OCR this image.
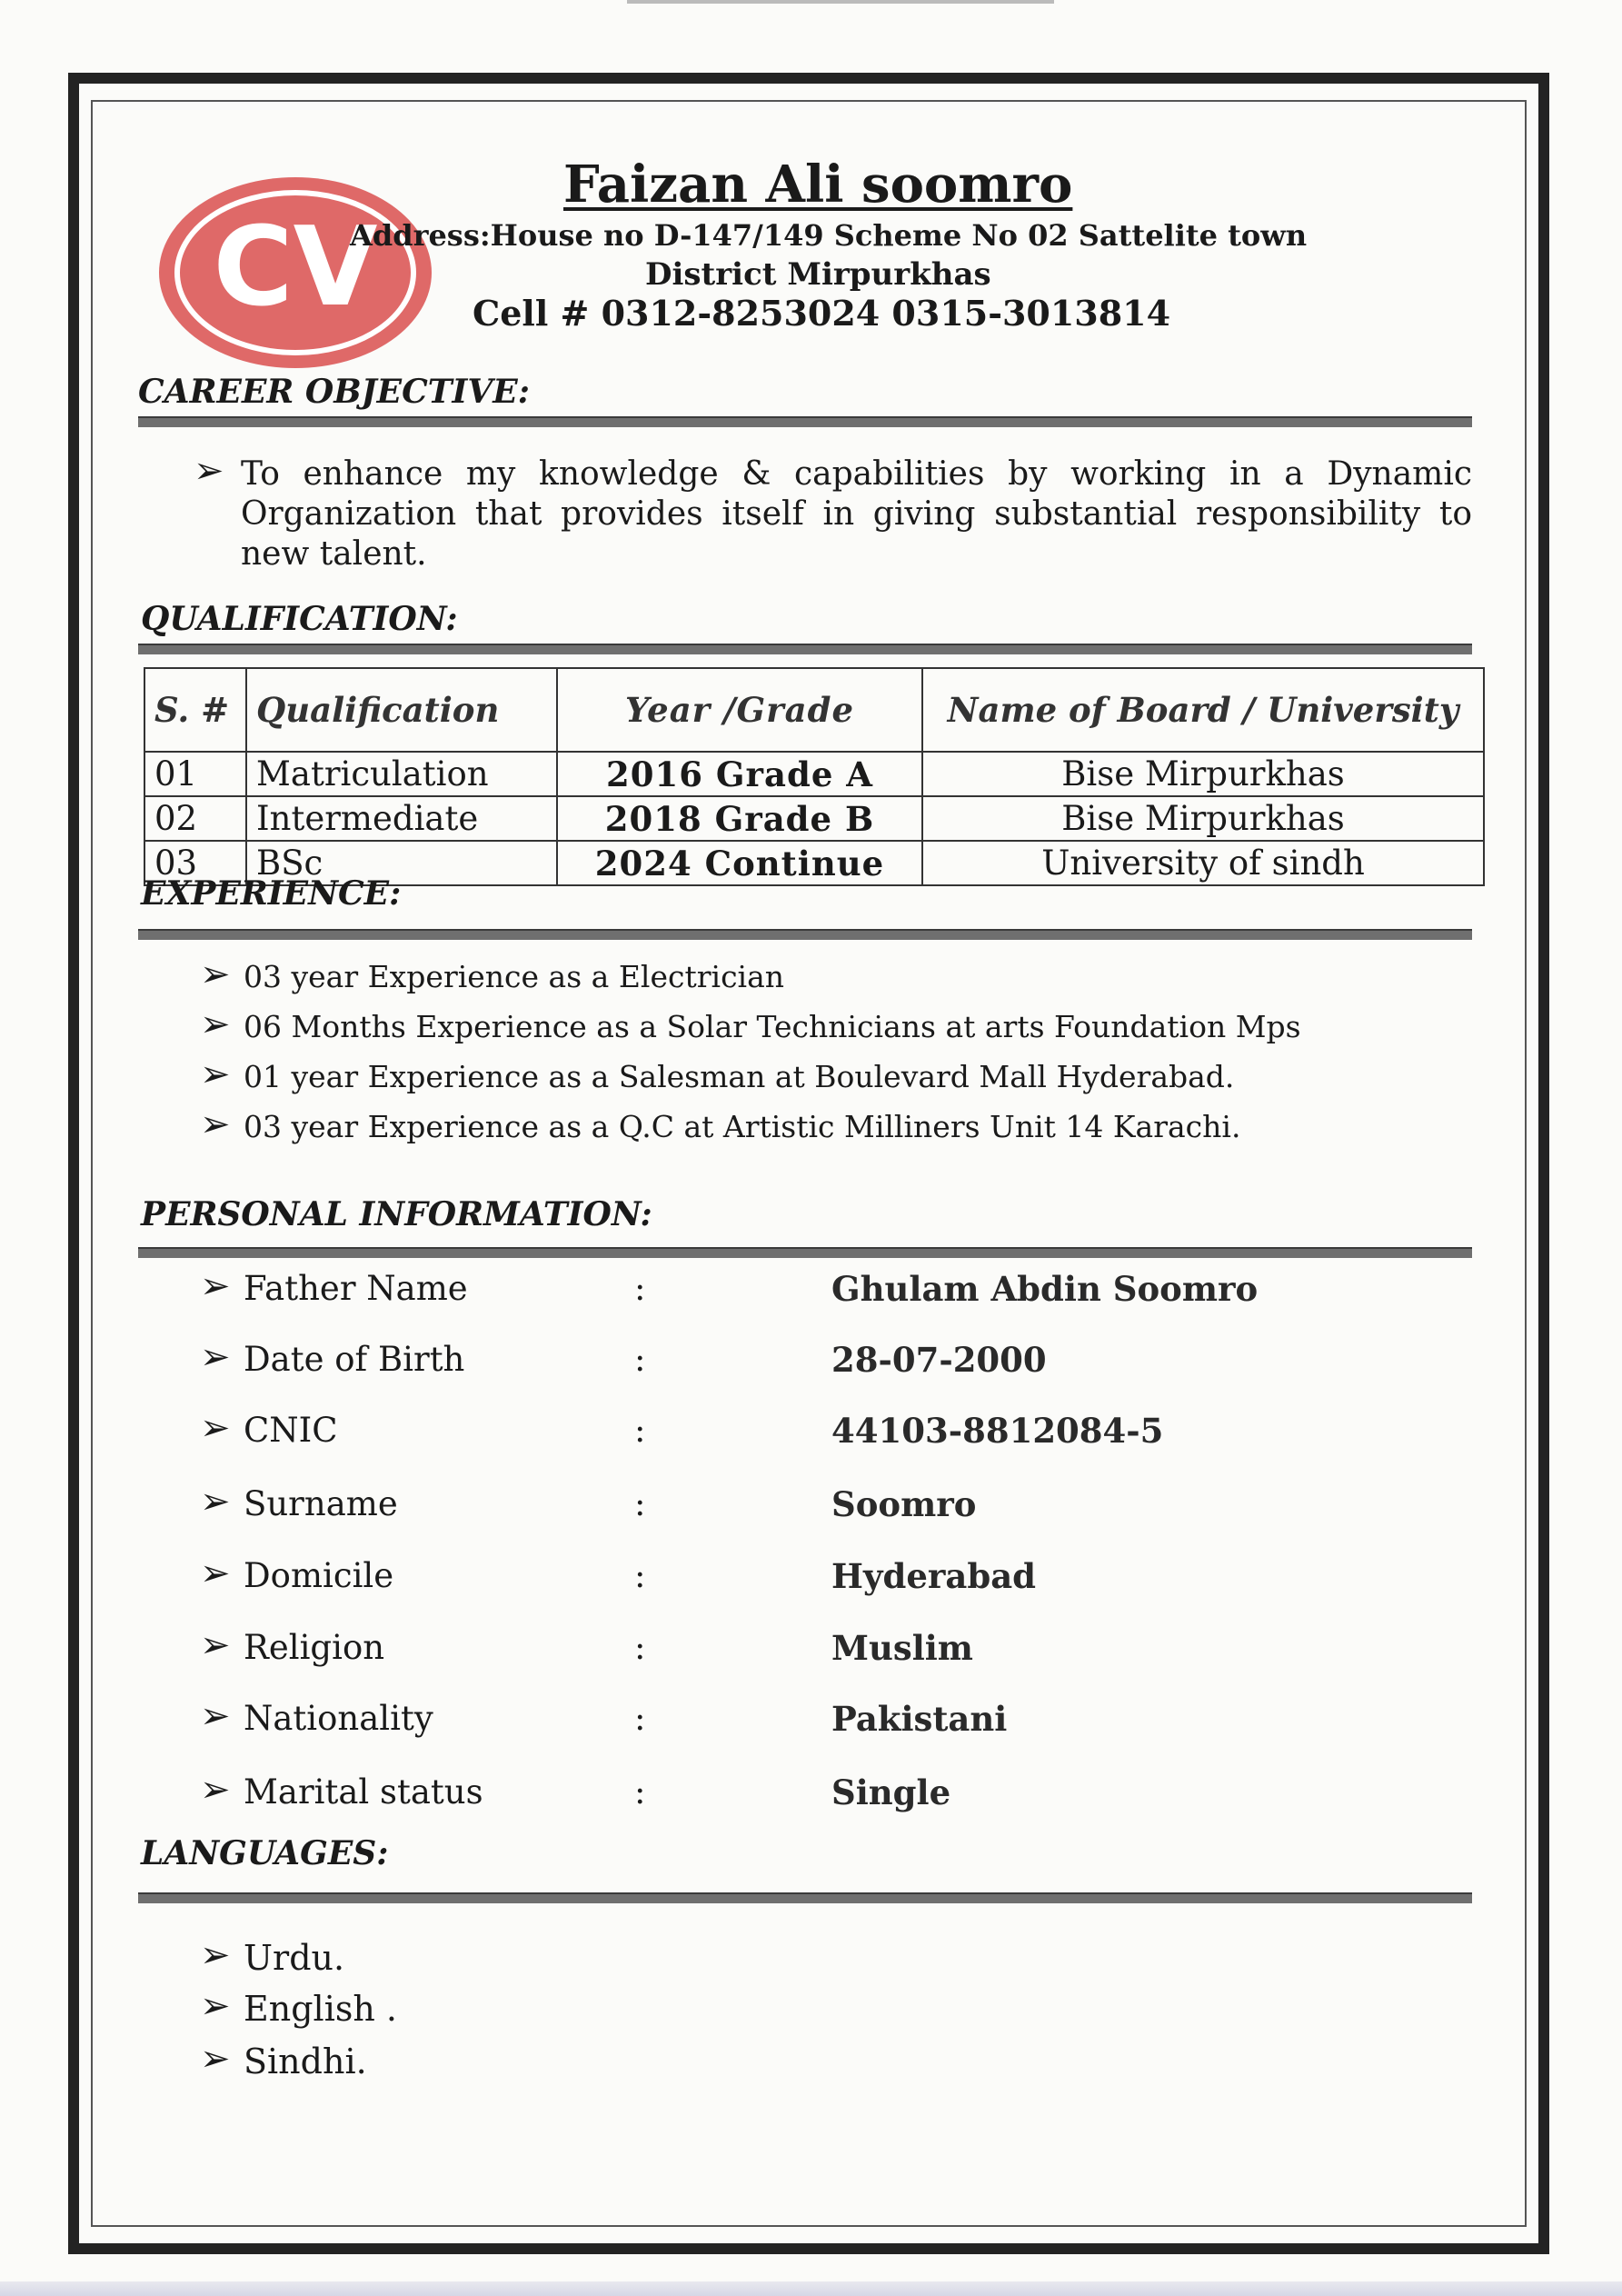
CV
Faizan Ali soomro
Address:House no D-147/149 Scheme No 02 Sattelite town
District Mirpurkhas
Cell # 0312-8253024 0315-3013814
CAREER OBJECTIVE:
➢ To enhance my knowledge & capabilities by working in a Dynamic Organization that provides itself in giving substantial responsibility to new talent.
QUALIFICATION:
S. #	Qualification	Year /Grade	Name of Board / University
01	Matriculation	2016 Grade A	Bise Mirpurkhas
02	Intermediate	2018 Grade B	Bise Mirpurkhas
03	BSc	2024 Continue	University of sindh
EXPERIENCE:
➢ 03 year Experience as a Electrician
➢ 06 Months Experience as a Solar Technicians at arts Foundation Mps
➢ 01 year Experience as a Salesman at Boulevard Mall Hyderabad.
➢ 03 year Experience as a Q.C at Artistic Milliners Unit 14 Karachi.
PERSONAL INFORMATION:
➢ Father Name	:	Ghulam Abdin Soomro
➢ Date of Birth	:	28-07-2000
➢ CNIC	:	44103-8812084-5
➢ Surname	:	Soomro
➢ Domicile	:	Hyderabad
➢ Religion	:	Muslim
➢ Nationality	:	Pakistani
➢ Marital status	:	Single
LANGUAGES:
➢ Urdu.
➢ English .
➢ Sindhi.
